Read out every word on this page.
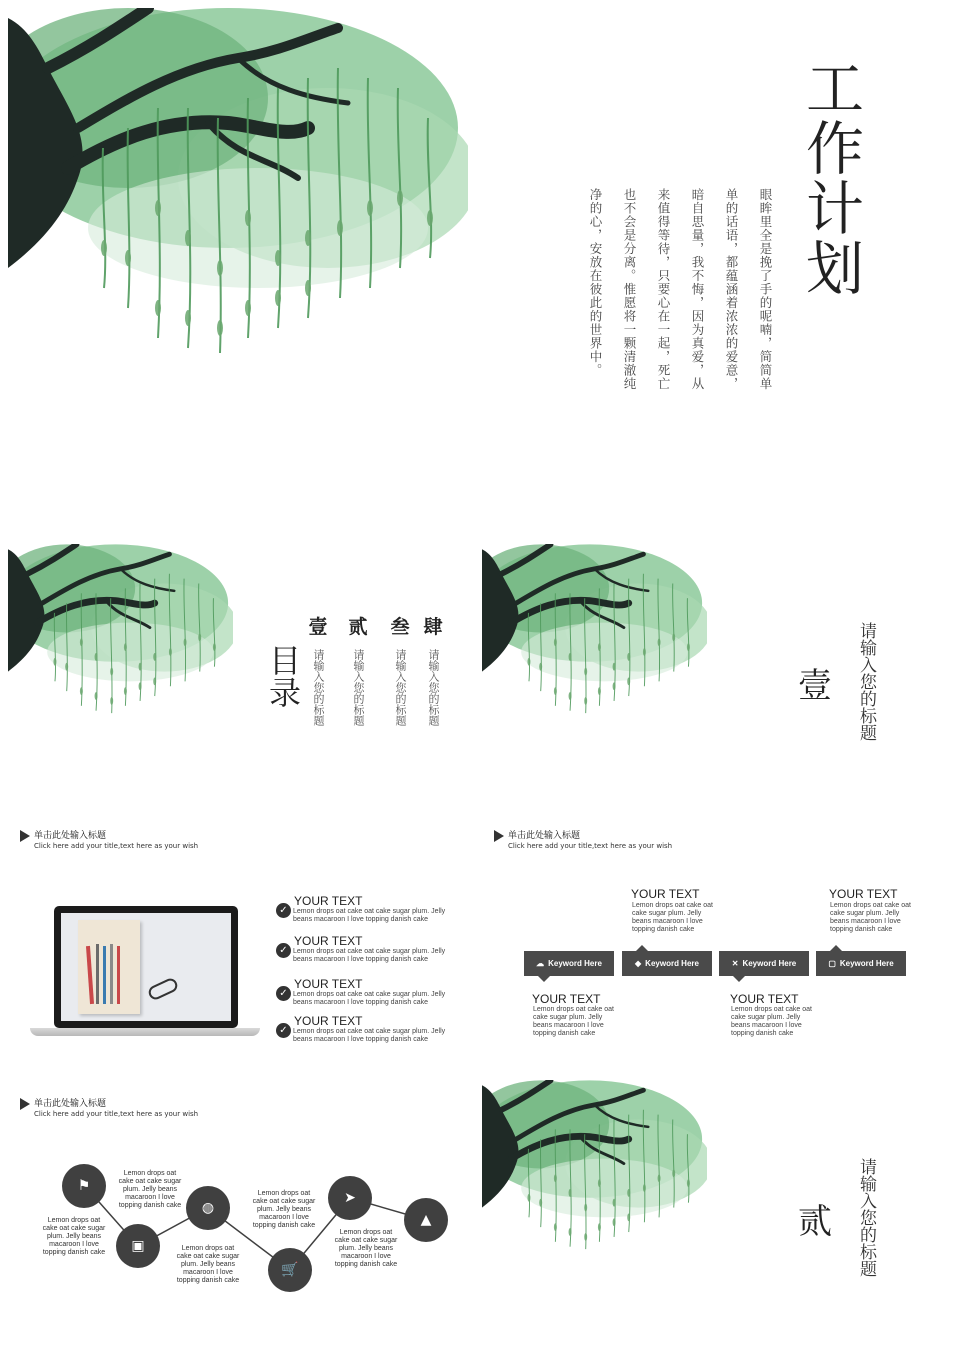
工作计划
眼眸里全是挽了手的呢喃，简简单
单的话语，都蕴涵着浓浓的爱意，
暗自思量，我不悔，因为真爱，从
来值得等待，只要心在一起，死亡
也不会是分离。惟愿将一颗清澈纯
净的心，安放在彼此的世界中。
目录
壹
请输入您的标题
贰
请输入您的标题
叁
请输入您的标题
肆
请输入您的标题	壹 请输入您的标题
单击此处输入标题
Click here add your title,text here as your wish
✓
YOUR TEXT
Lemon drops oat cake oat cake sugar plum. Jelly
beans macaroon I love topping danish cake
✓
YOUR TEXT
Lemon drops oat cake oat cake sugar plum. Jelly
beans macaroon I love topping danish cake
✓
YOUR TEXT
Lemon drops oat cake oat cake sugar plum. Jelly
beans macaroon I love topping danish cake
✓
YOUR TEXT
Lemon drops oat cake oat cake sugar plum. Jelly
beans macaroon I love topping danish cake
单击此处输入标题
Click here add your title,text here as your wish
YOUR TEXT
Lemon drops oat cake oat
cake sugar plum. Jelly
beans macaroon I love
topping danish cake
YOUR TEXT
Lemon drops oat cake oat
cake sugar plum. Jelly
beans macaroon I love
topping danish cake
☁ Keyword Here	◆ Keyword Here	✕ Keyword Here	▢ Keyword Here
YOUR TEXT
Lemon drops oat cake oat
cake sugar plum. Jelly
beans macaroon I love
topping danish cake
YOUR TEXT
Lemon drops oat cake oat
cake sugar plum. Jelly
beans macaroon I love
topping danish cake
单击此处输入标题
Click here add your title,text here as your wish
⚑
▣
◍
🛒
➤
▲
Lemon drops oat
cake oat cake sugar
plum. Jelly beans
macaroon I love
topping danish cake
Lemon drops oat
cake oat cake sugar
plum. Jelly beans
macaroon I love
topping danish cake
Lemon drops oat
cake oat cake sugar
plum. Jelly beans
macaroon I love
topping danish cake
Lemon drops oat
cake oat cake sugar
plum. Jelly beans
macaroon I love
topping danish cake
Lemon drops oat
cake oat cake sugar
plum. Jelly beans
macaroon I love
topping danish cake
贰 请输入您的标题
